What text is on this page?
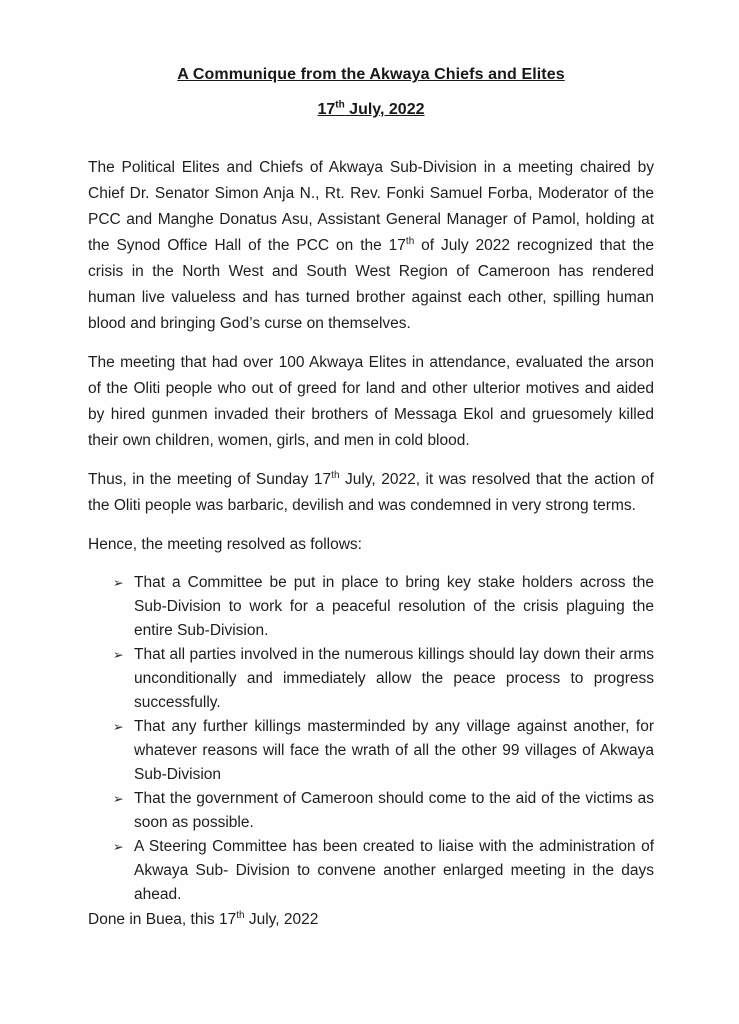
A Communique from the Akwaya Chiefs and Elites
17th July, 2022

The Political Elites and Chiefs of Akwaya Sub-Division in a meeting chaired by Chief Dr. Senator Simon Anja N., Rt. Rev. Fonki Samuel Forba, Moderator of the PCC and Manghe Donatus Asu, Assistant General Manager of Pamol, holding at the Synod Office Hall of the PCC on the 17th of July 2022 recognized that the crisis in the North West and South West Region of Cameroon has rendered human live valueless and has turned brother against each other, spilling human blood and bringing God’s curse on themselves.

The meeting that had over 100 Akwaya Elites in attendance, evaluated the arson of the Oliti people who out of greed for land and other ulterior motives and aided by hired gunmen invaded their brothers of Messaga Ekol and gruesomely killed their own children, women, girls, and men in cold blood.

Thus, in the meeting of Sunday 17th July, 2022, it was resolved that the action of the Oliti people was barbaric, devilish and was condemned in very strong terms.

Hence, the meeting resolved as follows:

➢ That a Committee be put in place to bring key stake holders across the Sub-Division to work for a peaceful resolution of the crisis plaguing the entire Sub-Division.
➢ That all parties involved in the numerous killings should lay down their arms unconditionally and immediately allow the peace process to progress successfully.
➢ That any further killings masterminded by any village against another, for whatever reasons will face the wrath of all the other 99 villages of Akwaya Sub-Division
➢ That the government of Cameroon should come to the aid of the victims as soon as possible.
➢ A Steering Committee has been created to liaise with the administration of Akwaya Sub- Division to convene another enlarged meeting in the days ahead.

Done in Buea, this 17th July, 2022
